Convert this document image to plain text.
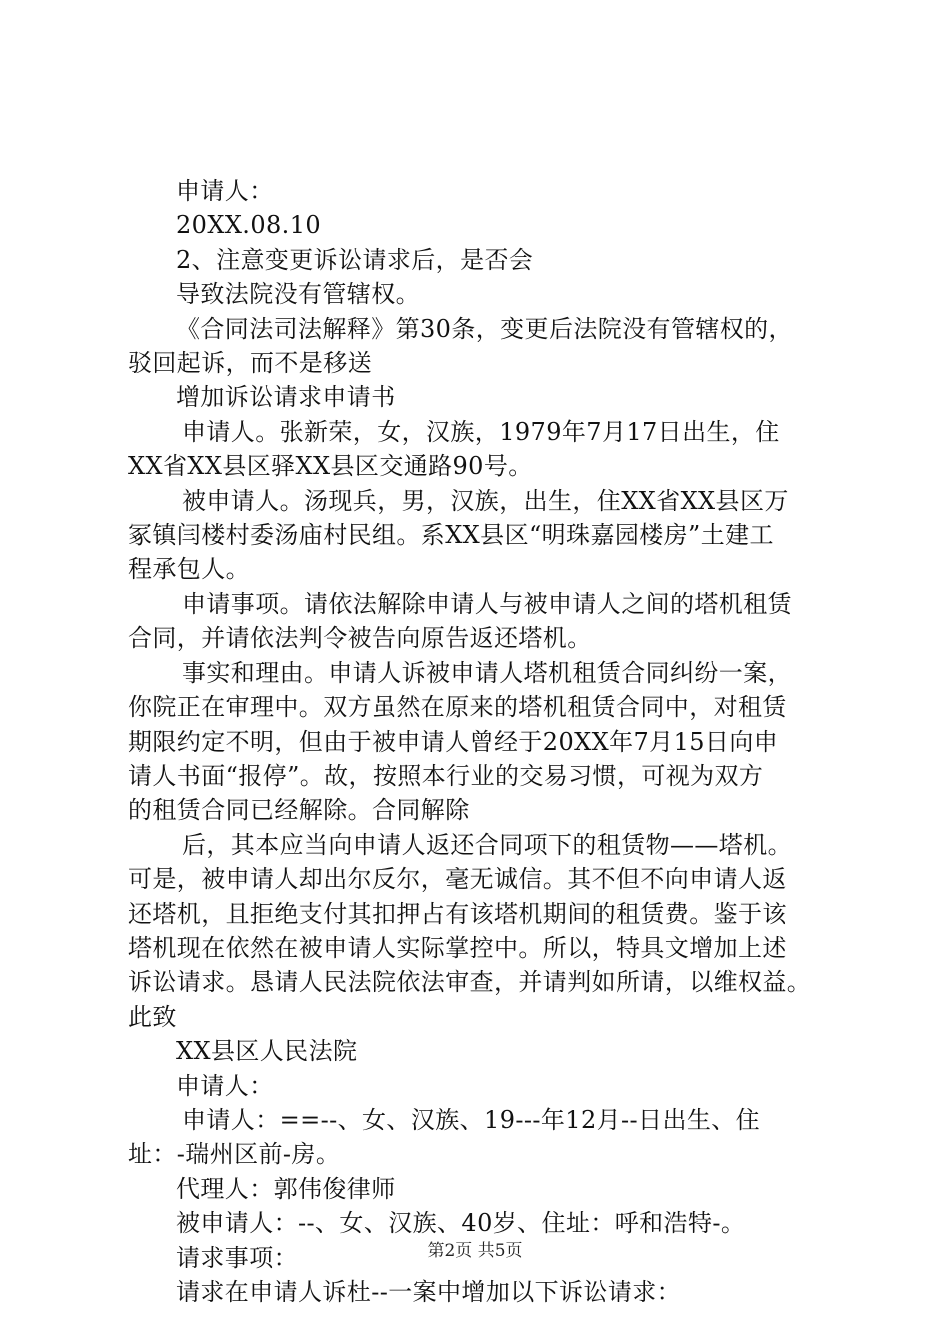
申请人：

20XX.08.10

2、注意变更诉讼请求后，是否会

导致法院没有管辖权。

《合同法司法解释》第30条，变更后法院没有管辖权的，

驳回起诉，而不是移送

增加诉讼请求申请书

申请人。张新荣，女，汉族，1979年7月17日出生，住

XX省XX县区驿XX县区交通路90号。

被申请人。汤现兵，男，汉族，出生，住XX省XX县区万

冢镇闫楼村委汤庙村民组。系XX县区“明珠嘉园楼房”土建工

程承包人。

申请事项。请依法解除申请人与被申请人之间的塔机租赁

合同，并请依法判令被告向原告返还塔机。

事实和理由。申请人诉被申请人塔机租赁合同纠纷一案，

你院正在审理中。双方虽然在原来的塔机租赁合同中，对租赁

期限约定不明，但由于被申请人曾经于20XX年7月15日向申

请人书面“报停”。故，按照本行业的交易习惯，可视为双方

的租赁合同已经解除。合同解除

后，其本应当向申请人返还合同项下的租赁物——塔机。

可是，被申请人却出尔反尔，毫无诚信。其不但不向申请人返

还塔机，且拒绝支付其扣押占有该塔机期间的租赁费。鉴于该

塔机现在依然在被申请人实际掌控中。所以，特具文增加上述

诉讼请求。恳请人民法院依法审查，并请判如所请，以维权益。

此致

XX县区人民法院

申请人：

申请人：==--、女、汉族、19---年12月--日出生、住

址：-瑞州区前-房。

代理人：郭伟俊律师

被申请人：--、女、汉族、40岁、住址：呼和浩特-。

请求事项：

请求在申请人诉杜--一案中增加以下诉讼请求：

第2页 共5页
